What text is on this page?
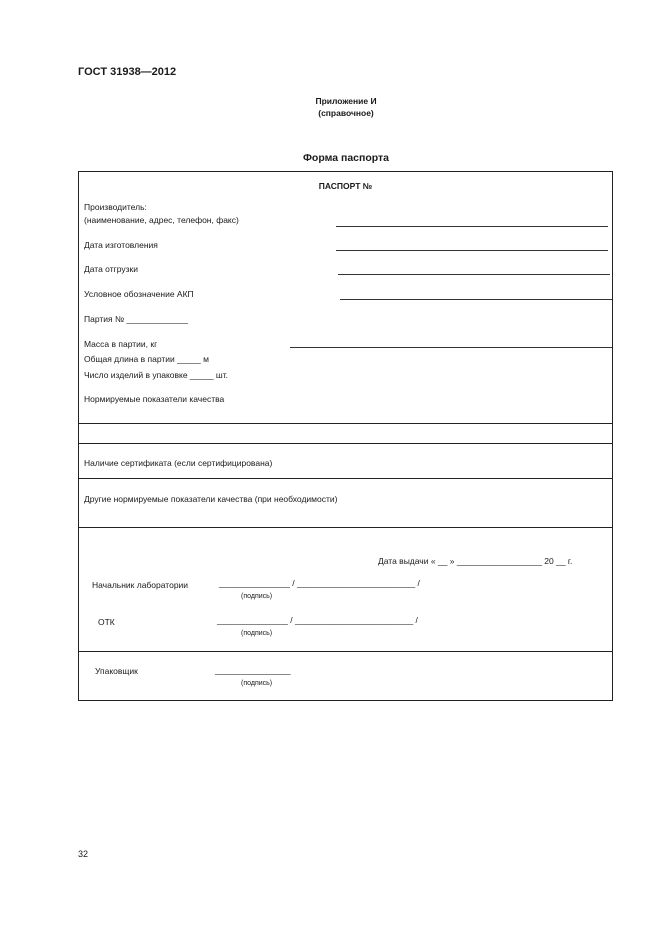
ГОСТ 31938—2012
Приложение И
(справочное)
Форма паспорта
ПАСПОРТ №
Производитель:
(наименование, адрес, телефон, факс)
Дата изготовления
Дата отгрузки
Условное обозначение АКП
Партия № _____________
Масса в партии, кг
Общая длина в партии _____ м
Число изделий в упаковке _____ шт.
Нормируемые показатели качества
Наличие сертификата (если сертифицирована)
Другие нормируемые показатели качества (при необходимости)
Дата выдачи « __ » __________________ 20 __ г.
Начальник лаборатории	_______________ / _________________________ /
(подпись)
ОТК	_______________ / _________________________ /
(подпись)
Упаковщик	________________
(подпись)
32
